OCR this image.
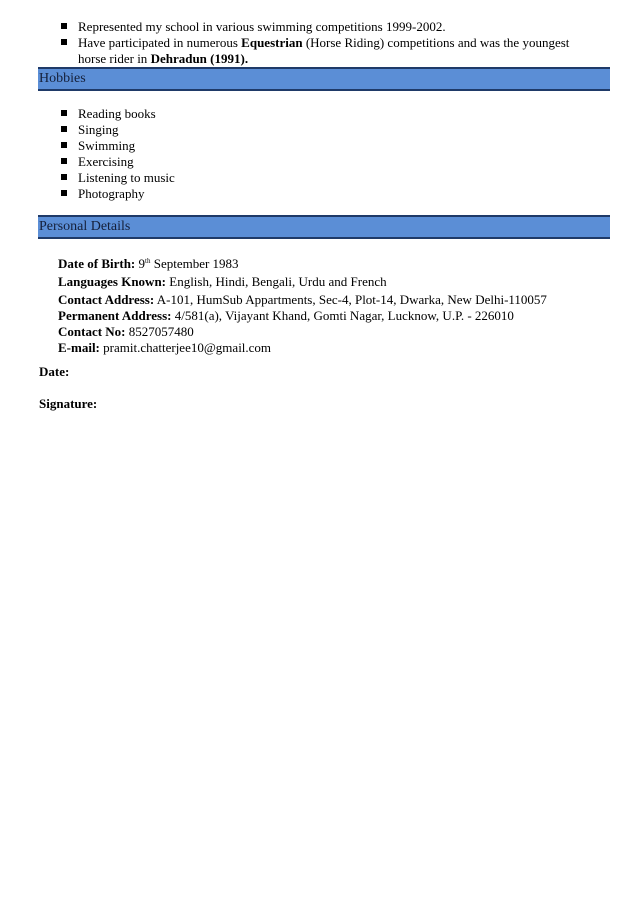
Represented my school in various swimming competitions 1999-2002.
Have participated in numerous Equestrian (Horse Riding) competitions and was the youngest horse rider in Dehradun (1991).
Hobbies
Reading books
Singing
Swimming
Exercising
Listening to music
Photography
Personal Details
Date of Birth: 9th September 1983
Languages Known: English, Hindi, Bengali, Urdu and French
Contact Address: A-101, HumSub Appartments, Sec-4, Plot-14, Dwarka, New Delhi-110057
Permanent Address: 4/581(a), Vijayant Khand, Gomti Nagar, Lucknow, U.P. - 226010
Contact No: 8527057480
E-mail: pramit.chatterjee10@gmail.com
Date:
Signature:
